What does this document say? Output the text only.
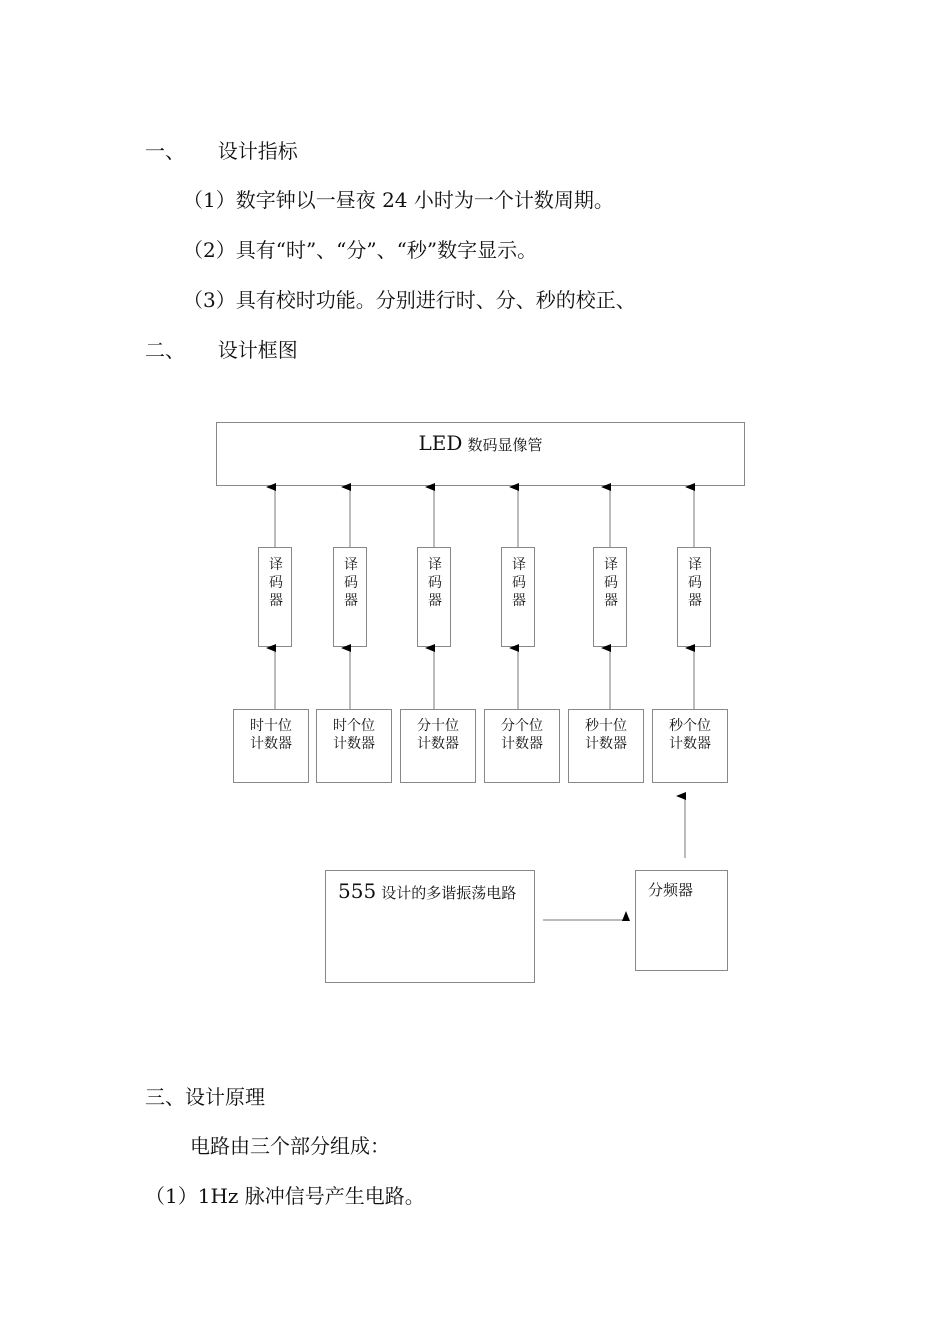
一、 设计指标
（1）数字钟以一昼夜 24 小时为一个计数周期。
（2）具有“时”、“分”、“秒”数字显示。
（3）具有校时功能。分别进行时、分、秒的校正、
二、 设计框图
LED 数码显像管
译
码
器
译
码
器
译
码
器
译
码
器
译
码
器
译
码
器
时十位
计数器
时个位
计数器
分十位
计数器
分个位
计数器
秒十位
计数器
秒个位
计数器
555 设计的多谐振荡电路	分频器
三、设计原理
电路由三个部分组成：
（1）1Hz 脉冲信号产生电路。
